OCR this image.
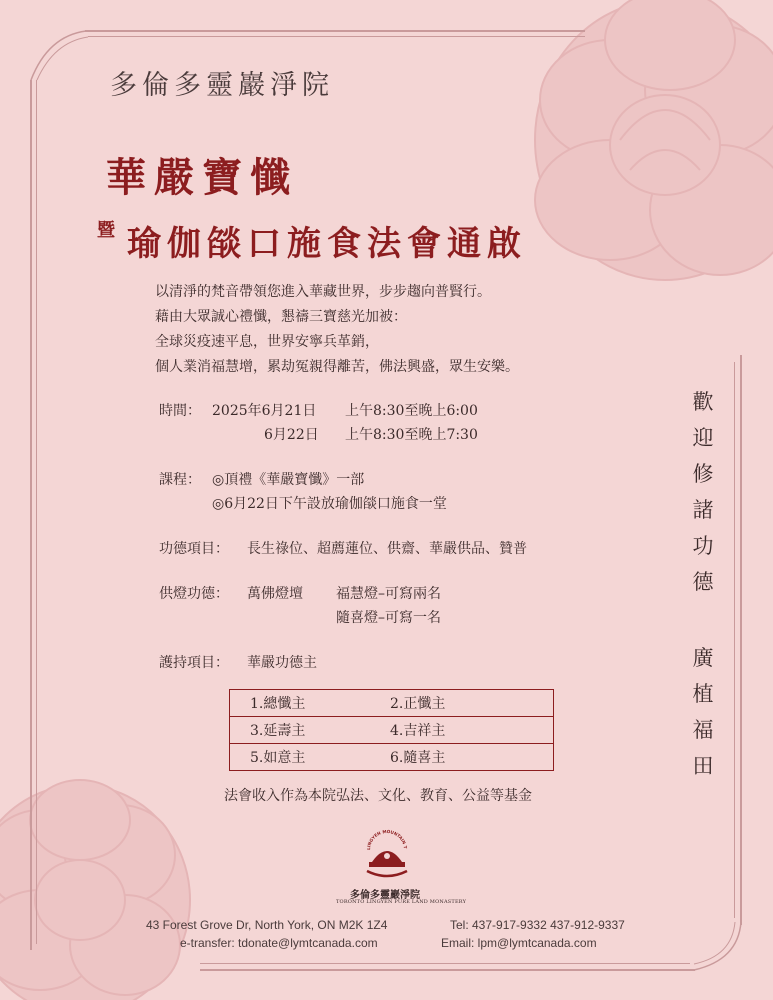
多倫多靈巖淨院
華嚴寶懺
暨 瑜伽燄口施食法會通啟
以清淨的梵音帶領您進入華藏世界，步步趨向普賢行。
藉由大眾誠心禮懺，懇禱三寶慈光加被：
全球災疫速平息，世界安寧兵革銷，
個人業消福慧增，累劫冤親得離苦，佛法興盛，眾生安樂。
時間： 2025年6月21日 上午8:30至晚上6:00
6月22日 上午8:30至晚上7:30
課程： ◎頂禮《華嚴寶懺》一部
◎6月22日下午設放瑜伽燄口施食一堂
功德項目： 長生祿位、超薦蓮位、供齋、華嚴供品、贊普
供燈功德： 萬佛燈壇 福慧燈–可寫兩名
隨喜燈–可寫一名
護持項目： 華嚴功德主
1.總懺主	2.正懺主
3.延壽主	4.吉祥主
5.如意主	6.隨喜主
法會收入作為本院弘法、文化、教育、公益等基金
歡
迎
修
諸
功
德
廣
植
福
田
LINGYEN MOUNTAIN T
多倫多靈巖淨院
TORONTO LINGYEN PURE LAND MONASTERY
43 Forest Grove Dr, North York, ON M2K 1Z4
e-transfer: tdonate@lymtcanada.com
Tel: 437-917-9332 437-912-9337
Email: lpm@lymtcanada.com
